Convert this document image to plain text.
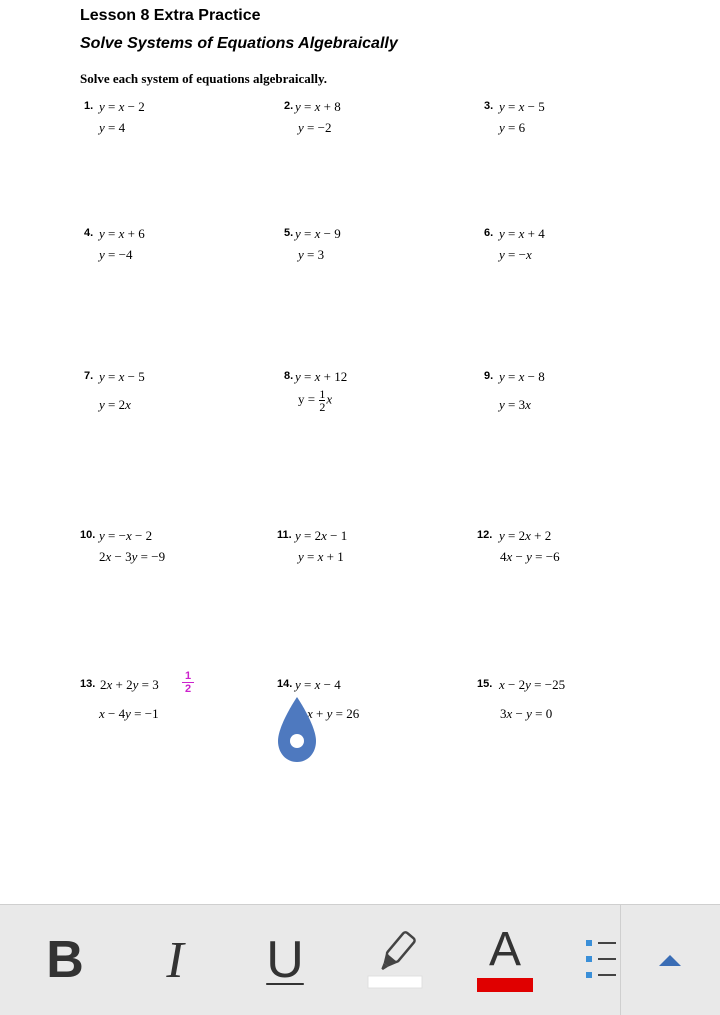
Lesson 8 Extra Practice
Solve Systems of Equations Algebraically
Solve each system of equations algebraically.
1. y = x − 2
y = 4
2. y = x + 8
y = −2
3. y = x − 5
y = 6
4. y = x + 6
y = −4
5. y = x − 9
y = 3
6. y = x + 4
y = −x
7. y = x − 5
y = 2x
8. y = x + 12
$y = \frac{1}{2}$ x
9. y = x − 8
y = 3x
10. y = −x − 2
2x − 3y = −9
11. y = 2x − 1
y = x + 1
12. y = 2x + 2
4x − y = −6
13. 2x + 2y = 3
x − 4y = −1
14. y = x − 4
x + y = 26
15. x − 2y = −25
3x − y = 0
$\frac{1}{2}$
B I U	A
